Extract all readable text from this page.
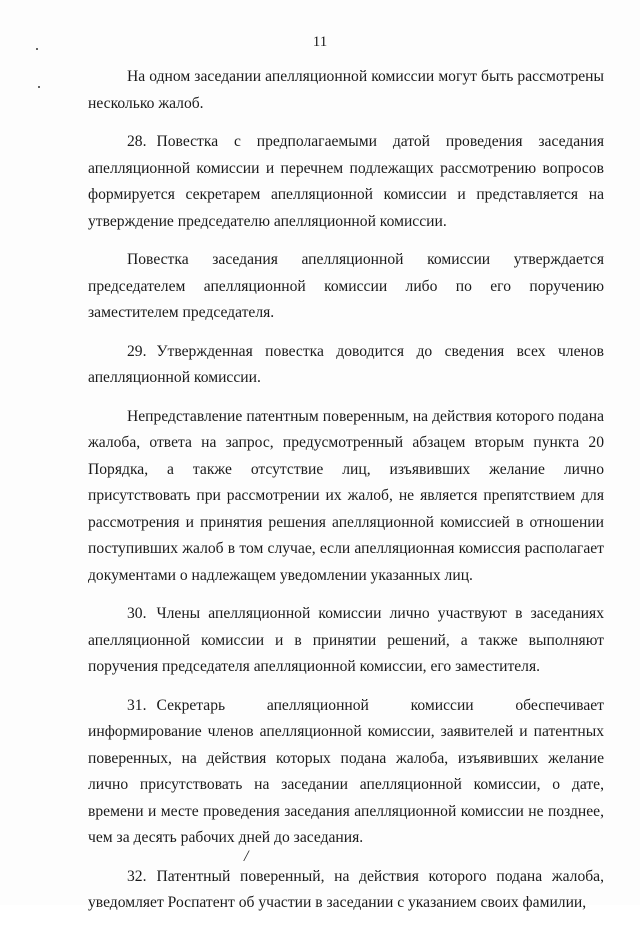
11

На одном заседании апелляционной комиссии могут быть рассмотрены несколько жалоб.

28. Повестка с предполагаемыми датой проведения заседания апелляционной комиссии и перечнем подлежащих рассмотрению вопросов формируется секретарем апелляционной комиссии и представляется на утверждение председателю апелляционной комиссии.

Повестка заседания апелляционной комиссии утверждается председателем апелляционной комиссии либо по его поручению заместителем председателя.

29. Утвержденная повестка доводится до сведения всех членов апелляционной комиссии.

Непредставление патентным поверенным, на действия которого подана жалоба, ответа на запрос, предусмотренный абзацем вторым пункта 20 Порядка, а также отсутствие лиц, изъявивших желание лично присутствовать при рассмотрении их жалоб, не является препятствием для рассмотрения и принятия решения апелляционной комиссией в отношении поступивших жалоб в том случае, если апелляционная комиссия располагает документами о надлежащем уведомлении указанных лиц.

30. Члены апелляционной комиссии лично участвуют в заседаниях апелляционной комиссии и в принятии решений, а также выполняют поручения председателя апелляционной комиссии, его заместителя.

31. Секретарь апелляционной комиссии обеспечивает информирование членов апелляционной комиссии, заявителей и патентных поверенных, на действия которых подана жалоба, изъявивших желание лично присутствовать на заседании апелляционной комиссии, о дате, времени и месте проведения заседания апелляционной комиссии не позднее, чем за десять рабочих дней до заседания.

32. Патентный поверенный, на действия которого подана жалоба, уведомляет Роспатент об участии в заседании с указанием своих фамилии,

/
